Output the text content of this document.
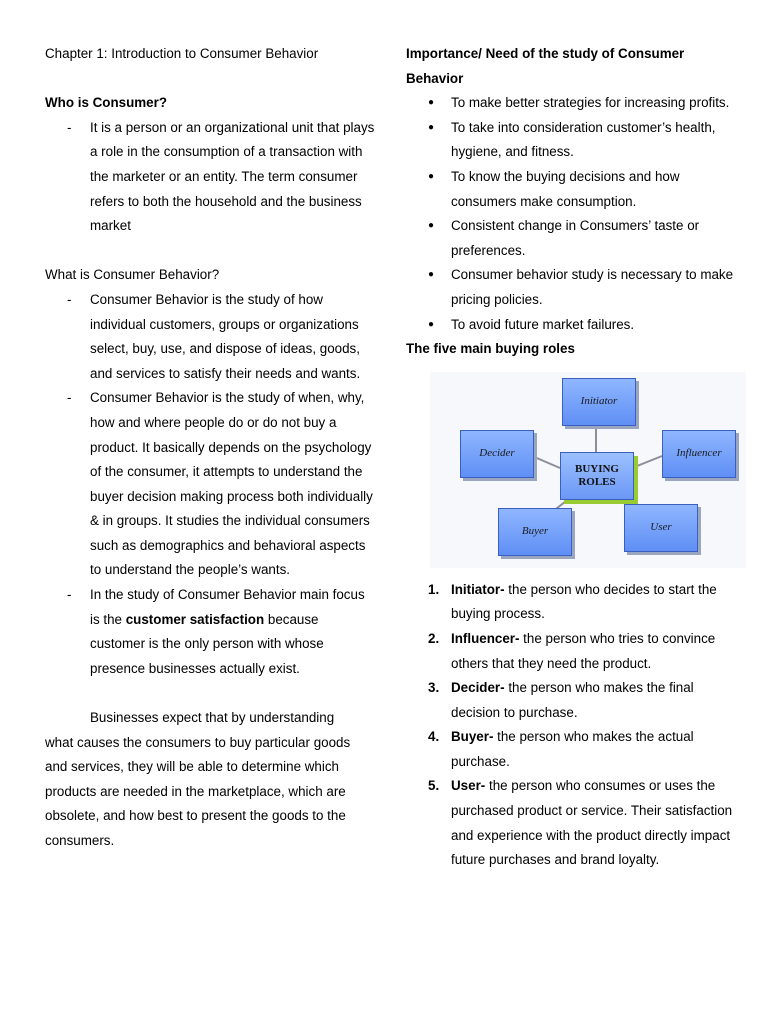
Chapter 1: Introduction to Consumer Behavior

Who is Consumer?

- It is a person or an organizational unit that plays a role in the consumption of a transaction with the marketer or an entity. The term consumer refers to both the household and the business market

What is Consumer Behavior?

- Consumer Behavior is the study of how individual customers, groups or organizations select, buy, use, and dispose of ideas, goods, and services to satisfy their needs and wants.
- Consumer Behavior is the study of when, why, how and where people do or do not buy a product. It basically depends on the psychology of the consumer, it attempts to understand the buyer decision making process both individually & in groups. It studies the individual consumers such as demographics and behavioral aspects to understand the people’s wants.
- In the study of Consumer Behavior main focus is the customer satisfaction because customer is the only person with whose presence businesses actually exist.

Businesses expect that by understanding

what causes the consumers to buy particular goods and services, they will be able to determine which products are needed in the marketplace, which are obsolete, and how best to present the goods to the consumers.

Importance/ Need of the study of Consumer Behavior

● To make better strategies for increasing profits.
● To take into consideration customer’s health, hygiene, and fitness.
● To know the buying decisions and how consumers make consumption.
● Consistent change in Consumers’ taste or preferences.
● Consumer behavior study is necessary to make pricing policies.
● To avoid future market failures.

The five main buying roles

Initiator
Decider	Influencer
BUYING
ROLES
Buyer	User
1. Initiator- the person who decides to start the buying process.
2. Influencer- the person who tries to convince others that they need the product.
3. Decider- the person who makes the final decision to purchase.
4. Buyer- the person who makes the actual purchase.
5. User- the person who consumes or uses the purchased product or service. Their satisfaction and experience with the product directly impact future purchases and brand loyalty.
